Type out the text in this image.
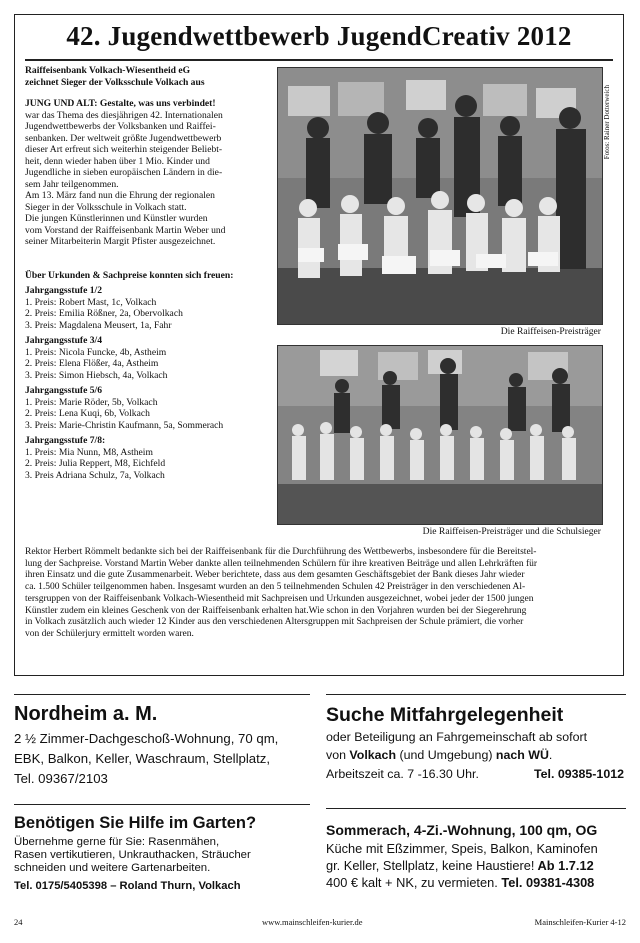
42. Jugendwettbewerb JugendCreativ 2012

Raiffeisenbank Volkach-Wiesentheid eG

zeichnet Sieger der Volksschule Volkach aus

JUNG UND ALT: Gestalte, was uns verbindet!

war das Thema des diesjährigen 42. Internationalen

Jugendwettbewerbs der Volksbanken und Raiffei-

senbanken. Der weltweit größte Jugendwettbewerb

dieser Art erfreut sich weiterhin steigender Beliebt-

heit, denn wieder haben über 1 Mio. Kinder und

Jugendliche in sieben europäischen Ländern in die-

sem Jahr teilgenommen.

Am 13. März fand nun die Ehrung der regionalen

Sieger in der Volksschule in Volkach statt.

Die jungen Künstlerinnen und Künstler wurden

vom Vorstand der Raiffeisenbank Martin Weber und

seiner Mitarbeiterin Margit Pfister ausgezeichnet.

Über Urkunden & Sachpreise konnten sich freuen:

Jahrgangsstufe 1/2

1. Preis: Robert Mast, 1c, Volkach

2. Preis: Emilia Rößner, 2a, Obervolkach

3. Preis: Magdalena Meusert, 1a, Fahr

Jahrgangsstufe 3/4

1. Preis: Nicola Funcke, 4b, Astheim

2. Preis: Elena Flößer, 4a, Astheim

3. Preis: Simon Hiebsch, 4a, Volkach

Jahrgangsstufe 5/6

1. Preis: Marie Röder, 5b, Volkach

2. Preis: Lena Kuqi, 6b, Volkach

3. Preis: Marie-Christin Kaufmann, 5a, Sommerach

Jahrgangsstufe 7/8:

1. Preis: Mia Nunn, M8, Astheim

2. Preis: Julia Reppert, M8, Eichfeld

3. Preis Adriana Schulz, 7a, Volkach

Fotos: Rainer Dotterweich
Die Raiffeisen-Preisträger
Die Raiffeisen-Preisträger und die Schulsieger
Rektor Herbert Römmelt bedankte sich bei der Raiffeisenbank für die Durchführung des Wettbewerbs, insbesondere für die Bereitstel-
lung der Sachpreise. Vorstand Martin Weber dankte allen teilnehmenden Schülern für ihre kreativen Beiträge und allen Lehrkräften für
ihren Einsatz und die gute Zusammenarbeit. Weber berichtete, dass aus dem gesamten Geschäftsgebiet der Bank dieses Jahr wieder
ca. 1.500 Schüler teilgenommen haben. Insgesamt wurden an den 5 teilnehmenden Schulen 42 Preisträger in den verschiedenen Al-
tersgruppen von der Raiffeisenbank Volkach-Wiesentheid mit Sachpreisen und Urkunden ausgezeichnet, wobei jeder der 1500 jungen
Künstler zudem ein kleines Geschenk von der Raiffeisenbank erhalten hat.Wie schon in den Vorjahren wurden bei der Siegerehrung
in Volkach zusätzlich auch wieder 12 Kinder aus den verschiedenen Altersgruppen mit Sachpreisen der Schule prämiert, die vorher
von der Schülerjury ermittelt worden waren.
Nordheim a. M.
2 ½ Zimmer-Dachgeschoß-Wohnung, 70 qm,
EBK, Balkon, Keller, Waschraum, Stellplatz,
Tel. 09367/2103
Suche Mitfahrgelegenheit
oder Beteiligung an Fahrgemeinschaft ab sofort
von Volkach (und Umgebung) nach WÜ.
Arbeitszeit ca. 7 -16.30 Uhr.	Tel. 09385-1012
Benötigen Sie Hilfe im Garten?
Übernehme gerne für Sie: Rasenmähen,
Rasen vertikutieren, Unkrauthacken, Sträucher
schneiden und weitere Gartenarbeiten.
Tel. 0175/5405398 – Roland Thurn, Volkach
Sommerach, 4-Zi.-Wohnung, 100 qm, OG
Küche mit Eßzimmer, Speis, Balkon, Kaminofen
gr. Keller, Stellplatz, keine Haustiere! Ab 1.7.12
400 € kalt + NK, zu vermieten. Tel. 09381-4308
24	www.mainschleifen-kurier.de	Mainschleifen-Kurier 4-12
